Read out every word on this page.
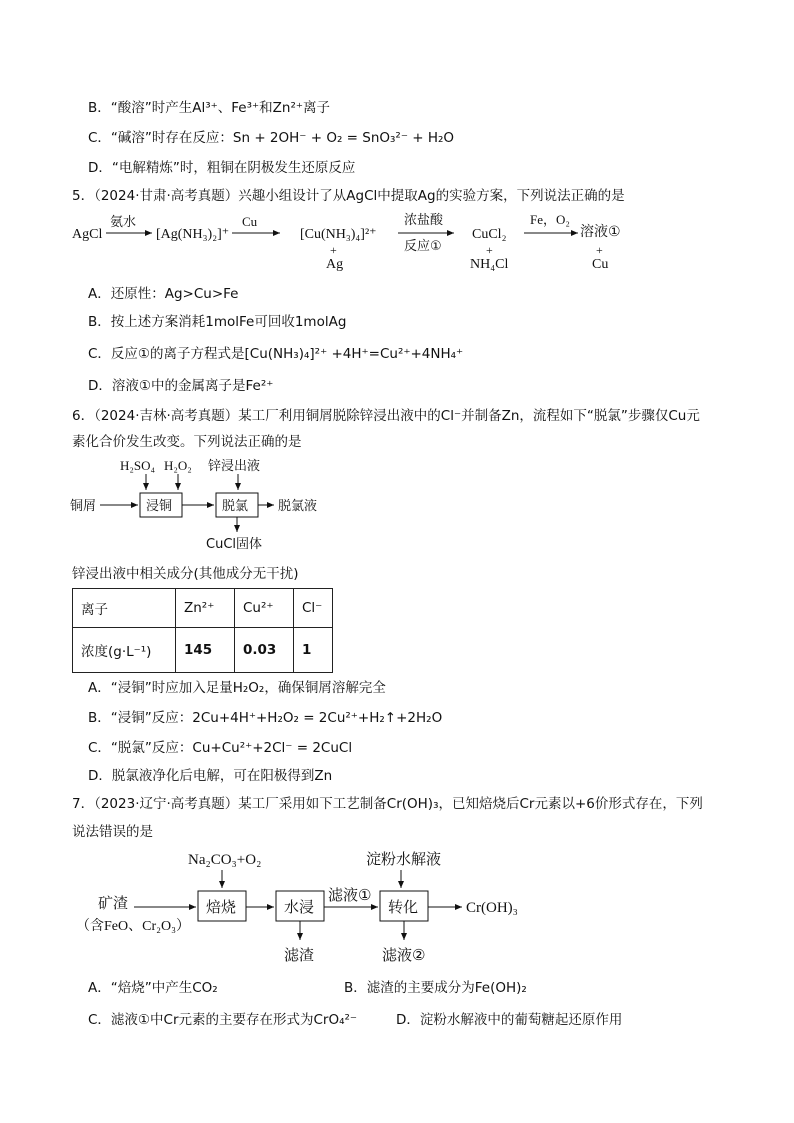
B．“酸溶”时产生Al³⁺、Fe³⁺和Zn²⁺离子
C．“碱溶”时存在反应：Sn + 2OH⁻ + O₂ = SnO₃²⁻ + H₂O
D．“电解精炼”时，粗铜在阴极发生还原反应
5．（2024·甘肃·高考真题）兴趣小组设计了从AgCl中提取Ag的实验方案，下列说法正确的是
AgCl
氨水
[Ag(NH₃)₂]⁺
Cu
[Cu(NH₃)₄]²⁺
+
Ag
浓盐酸
反应①
CuCl₂
+
NH₄Cl
Fe，O₂
溶液①
+
Cu
A．还原性：Ag>Cu>Fe
B．按上述方案消耗1molFe可回收1molAg
C．反应①的离子方程式是[Cu(NH₃)₄]²⁺ +4H⁺=Cu²⁺+4NH₄⁺
D．溶液①中的金属离子是Fe²⁺
6．（2024·吉林·高考真题）某工厂利用铜屑脱除锌浸出液中的Cl⁻并制备Zn，流程如下“脱氯”步骤仅Cu元
素化合价发生改变。下列说法正确的是
H₂SO₄ H₂O₂ 锌浸出液
铜屑	浸铜	脱氯 脱氯液
CuCl固体
锌浸出液中相关成分(其他成分无干扰)
离子	Zn²⁺	Cu²⁺	Cl⁻
浓度(g·L⁻¹)	145	0.03	1
A．“浸铜”时应加入足量H₂O₂，确保铜屑溶解完全
B．“浸铜”反应：2Cu+4H⁺+H₂O₂ = 2Cu²⁺+H₂↑+2H₂O
C．“脱氯”反应：Cu+Cu²⁺+2Cl⁻ = 2CuCl
D．脱氯液净化后电解，可在阳极得到Zn
7．（2023·辽宁·高考真题）某工厂采用如下工艺制备Cr(OH)₃，已知焙烧后Cr元素以+6价形式存在，下列
说法错误的是
Na₂CO₃+O₂	淀粉水解液
矿渣
（含FeO、Cr₂O₃）
焙烧	水浸
滤液①
转化	Cr(OH)₃
滤渣	滤液②
A．“焙烧”中产生CO₂	B．滤渣的主要成分为Fe(OH)₂
C．滤液①中Cr元素的主要存在形式为CrO₄²⁻	D．淀粉水解液中的葡萄糖起还原作用
